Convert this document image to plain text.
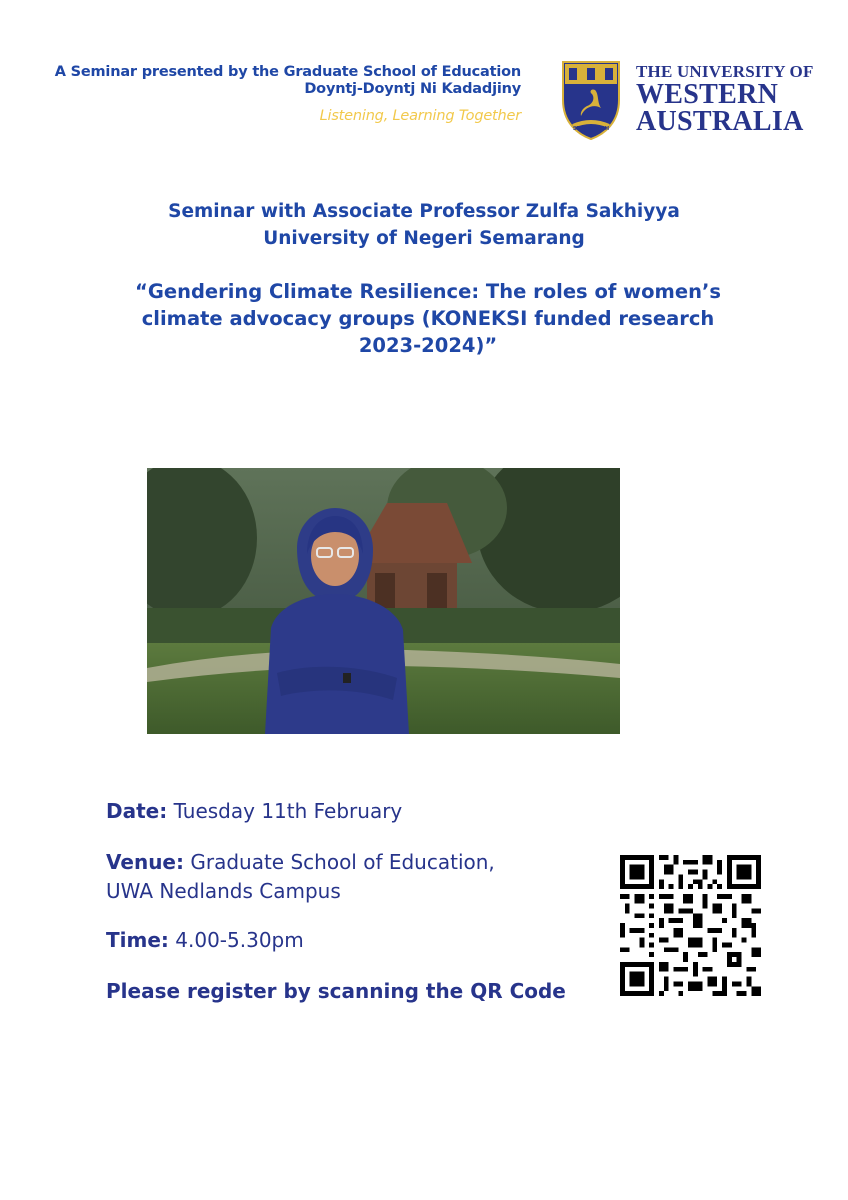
A Seminar presented by the Graduate School of Education
Doyntj-Doyntj Ni Kadadjiny
Listening, Learning Together
SEEK WISDOM
THE UNIVERSITY OF
WESTERN
AUSTRALIA
Seminar with Associate Professor Zulfa Sakhiyya
University of Negeri Semarang
“Gendering Climate Resilience: The roles of women’s
climate advocacy groups (KONEKSI funded research
2023-2024)”
Date: Tuesday 11th February
Venue: Graduate School of Education,
UWA Nedlands Campus
Time: 4.00-5.30pm
Please register by scanning the QR Code
